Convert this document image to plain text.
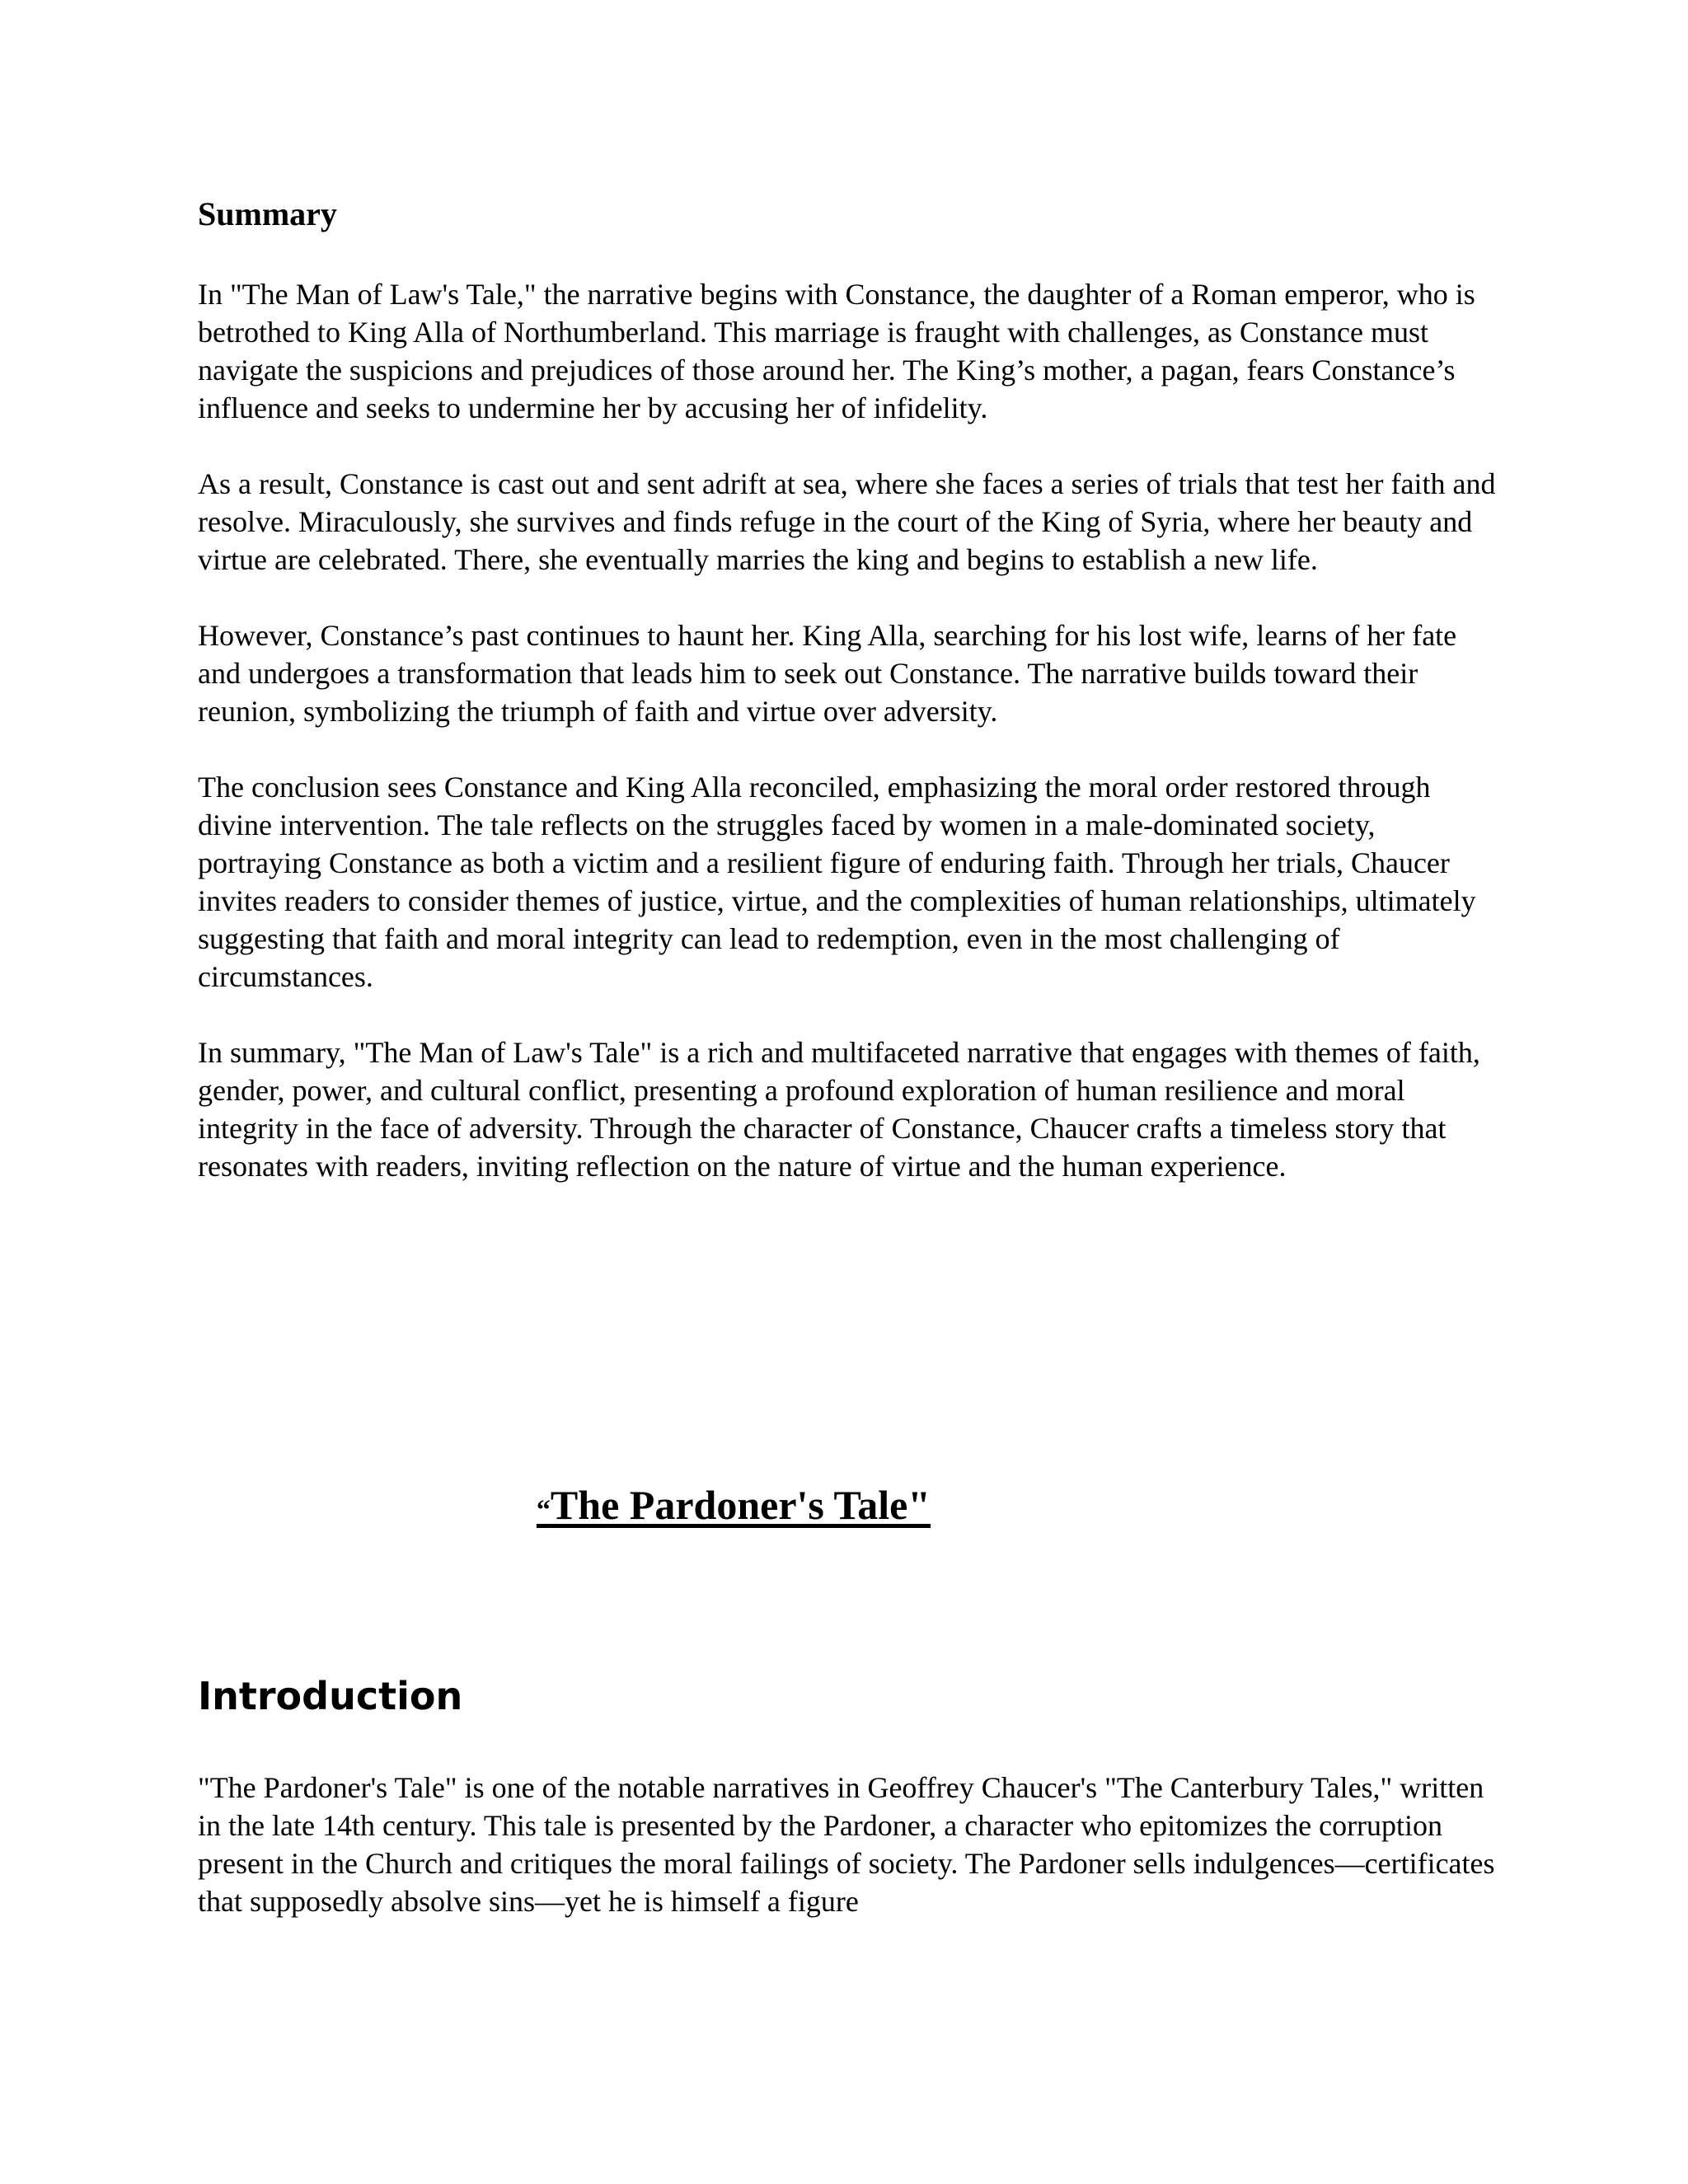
Summary

In "The Man of Law's Tale," the narrative begins with Constance, the daughter of a Roman emperor, who is betrothed to King Alla of Northumberland. This marriage is fraught with challenges, as Constance must navigate the suspicions and prejudices of those around her. The King’s mother, a pagan, fears Constance’s influence and seeks to undermine her by accusing her of infidelity.

As a result, Constance is cast out and sent adrift at sea, where she faces a series of trials that test her faith and resolve. Miraculously, she survives and finds refuge in the court of the King of Syria, where her beauty and virtue are celebrated. There, she eventually marries the king and begins to establish a new life.

However, Constance’s past continues to haunt her. King Alla, searching for his lost wife, learns of her fate and undergoes a transformation that leads him to seek out Constance. The narrative builds toward their reunion, symbolizing the triumph of faith and virtue over adversity.

The conclusion sees Constance and King Alla reconciled, emphasizing the moral order restored through divine intervention. The tale reflects on the struggles faced by women in a male-dominated society, portraying Constance as both a victim and a resilient figure of enduring faith. Through her trials, Chaucer invites readers to consider themes of justice, virtue, and the complexities of human relationships, ultimately suggesting that faith and moral integrity can lead to redemption, even in the most challenging of circumstances.

In summary, "The Man of Law's Tale" is a rich and multifaceted narrative that engages with themes of faith, gender, power, and cultural conflict, presenting a profound exploration of human resilience and moral integrity in the face of adversity. Through the character of Constance, Chaucer crafts a timeless story that resonates with readers, inviting reflection on the nature of virtue and the human experience.

“The Pardoner's Tale"
Introduction

"The Pardoner's Tale" is one of the notable narratives in Geoffrey Chaucer's "The Canterbury Tales," written in the late 14th century. This tale is presented by the Pardoner, a character who epitomizes the corruption present in the Church and critiques the moral failings of society. The Pardoner sells indulgences—certificates that supposedly absolve sins—yet he is himself a figure
